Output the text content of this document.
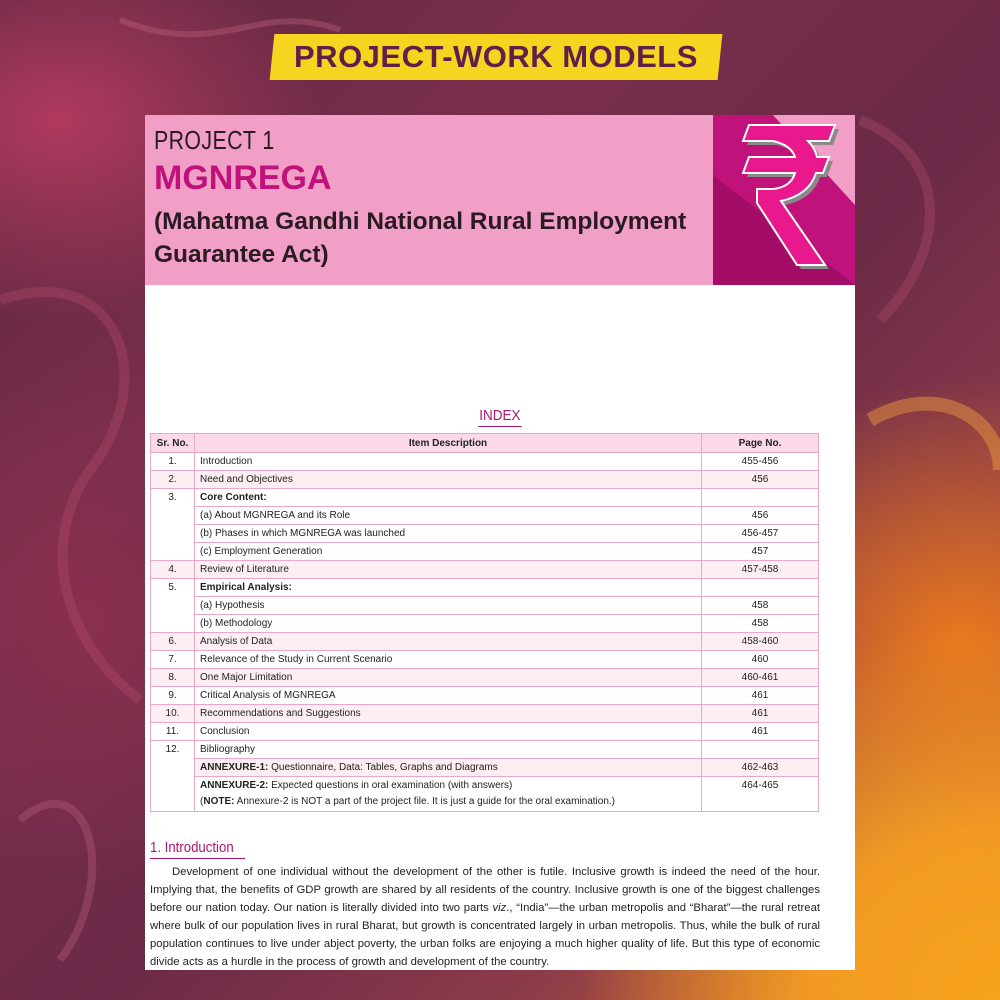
PROJECT-WORK MODELS
PROJECT 1
MGNREGA
(Mahatma Gandhi National Rural Employment Guarantee Act)
INDEX
Sr. No.	Item Description	Page No.
1.	Introduction	455-456
2.	Need and Objectives	456
3.	Core Content:	
	(a) About MGNREGA and its Role	456
	(b) Phases in which MGNREGA was launched	456-457
	(c) Employment Generation	457
4.	Review of Literature	457-458
5.	Empirical Analysis:	
	(a) Hypothesis	458
	(b) Methodology	458
6.	Analysis of Data	458-460
7.	Relevance of the Study in Current Scenario	460
8.	One Major Limitation	460-461
9.	Critical Analysis of MGNREGA	461
10.	Recommendations and Suggestions	461
11.	Conclusion	461
12.	Bibliography	
	ANNEXURE-1: Questionnaire, Data: Tables, Graphs and Diagrams	462-463
	ANNEXURE-2: Expected questions in oral examination (with answers)
(NOTE: Annexure-2 is NOT a part of the project file. It is just a guide for the oral examination.)	464-465
1. Introduction
Development of one individual without the development of the other is futile. Inclusive growth is indeed the need of the hour. Implying that, the benefits of GDP growth are shared by all residents of the country. Inclusive growth is one of the biggest challenges before our nation today. Our nation is literally divided into two parts viz., “India”—the urban metropolis and “Bharat”—the rural retreat where bulk of our population lives in rural Bharat, but growth is concentrated largely in urban metropolis. Thus, while the bulk of rural population continues to live under abject poverty, the urban folks are enjoying a much higher quality of life. But this type of economic divide acts as a hurdle in the process of growth and development of the country.
